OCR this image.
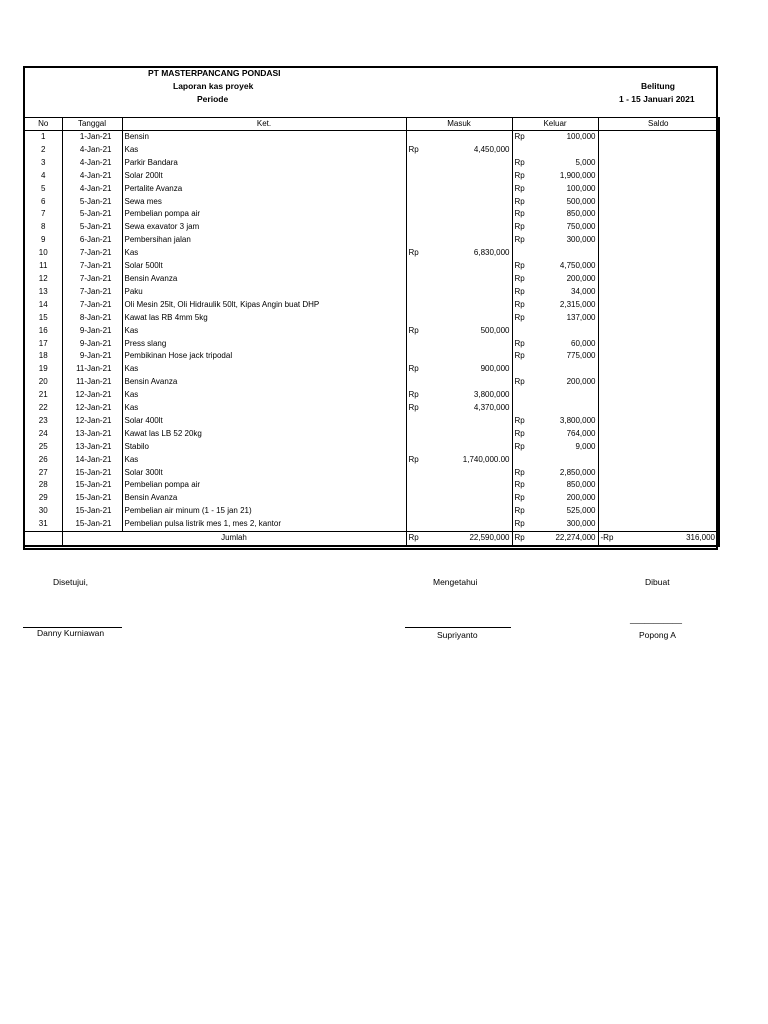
PT MASTERPANCANG PONDASI
Laporan kas proyek
Periode
Belitung
1 - 15 Januari 2021
No	Tanggal	Ket.	Masuk		Keluar		Saldo
1	1-Jan-21	Bensin			Rp	100,000	
2	4-Jan-21	Kas	Rp	4,450,000			
3	4-Jan-21	Parkir Bandara			Rp	5,000	
4	4-Jan-21	Solar 200lt			Rp	1,900,000	
5	4-Jan-21	Pertalite Avanza			Rp	100,000	
6	5-Jan-21	Sewa mes			Rp	500,000	
7	5-Jan-21	Pembelian pompa air			Rp	850,000	
8	5-Jan-21	Sewa exavator 3 jam			Rp	750,000	
9	6-Jan-21	Pembersihan jalan			Rp	300,000	
10	7-Jan-21	Kas	Rp	6,830,000			
11	7-Jan-21	Solar 500lt			Rp	4,750,000	
12	7-Jan-21	Bensin Avanza			Rp	200,000	
13	7-Jan-21	Paku			Rp	34,000	
14	7-Jan-21	Oli Mesin 25lt, Oli Hidraulik 50lt, Kipas Angin buat DHP			Rp	2,315,000	
15	8-Jan-21	Kawat las RB 4mm 5kg			Rp	137,000	
16	9-Jan-21	Kas	Rp	500,000			
17	9-Jan-21	Press slang			Rp	60,000	
18	9-Jan-21	Pembikinan Hose jack tripodal			Rp	775,000	
19	11-Jan-21	Kas	Rp	900,000			
20	11-Jan-21	Bensin Avanza			Rp	200,000	
21	12-Jan-21	Kas	Rp	3,800,000			
22	12-Jan-21	Kas	Rp	4,370,000			
23	12-Jan-21	Solar 400lt			Rp	3,800,000	
24	13-Jan-21	Kawat las LB 52 20kg			Rp	764,000	
25	13-Jan-21	Stabilo			Rp	9,000	
26	14-Jan-21	Kas	Rp	1,740,000.00			
27	15-Jan-21	Solar 300lt			Rp	2,850,000	
28	15-Jan-21	Pembelian pompa air			Rp	850,000	
29	15-Jan-21	Bensin Avanza			Rp	200,000	
30	15-Jan-21	Pembelian air minum (1 - 15 jan 21)			Rp	525,000	
31	15-Jan-21	Pembelian pulsa listrik mes 1, mes 2, kantor			Rp	300,000	
	Jumlah		Rp	22,590,000	Rp	22,274,000	-Rp 316,000
Disetujui,	Mengetahui	Dibuat
___________
Danny Kurniawan	Supriyanto	Popong A
